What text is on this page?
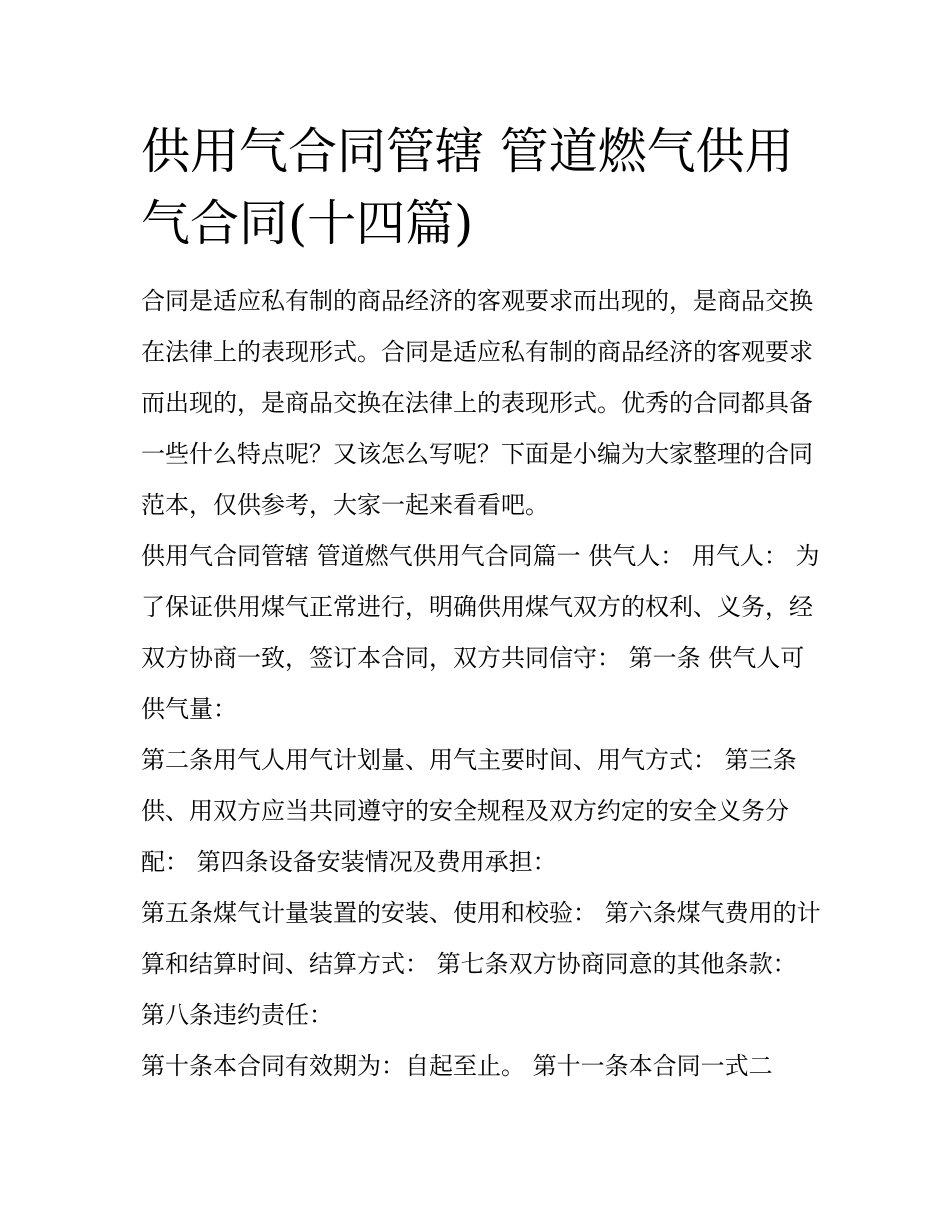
供用气合同管辖 管道燃气供用气合同(十四篇)

合同是适应私有制的商品经济的客观要求而出现的，是商品交换在法律上的表现形式。合同是适应私有制的商品经济的客观要求而出现的，是商品交换在法律上的表现形式。优秀的合同都具备一些什么特点呢？又该怎么写呢？下面是小编为大家整理的合同范本，仅供参考，大家一起来看看吧。

供用气合同管辖 管道燃气供用气合同篇一 供气人： 用气人： 为了保证供用煤气正常进行，明确供用煤气双方的权利、义务，经双方协商一致，签订本合同，双方共同信守： 第一条 供气人可供气量：

第二条用气人用气计划量、用气主要时间、用气方式： 第三条供、用双方应当共同遵守的安全规程及双方约定的安全义务分配： 第四条设备安装情况及费用承担：

第五条煤气计量装置的安装、使用和校验： 第六条煤气费用的计算和结算时间、结算方式： 第七条双方协商同意的其他条款： 第八条违约责任：

第十条本合同有效期为：自起至止。 第十一条本合同一式二
